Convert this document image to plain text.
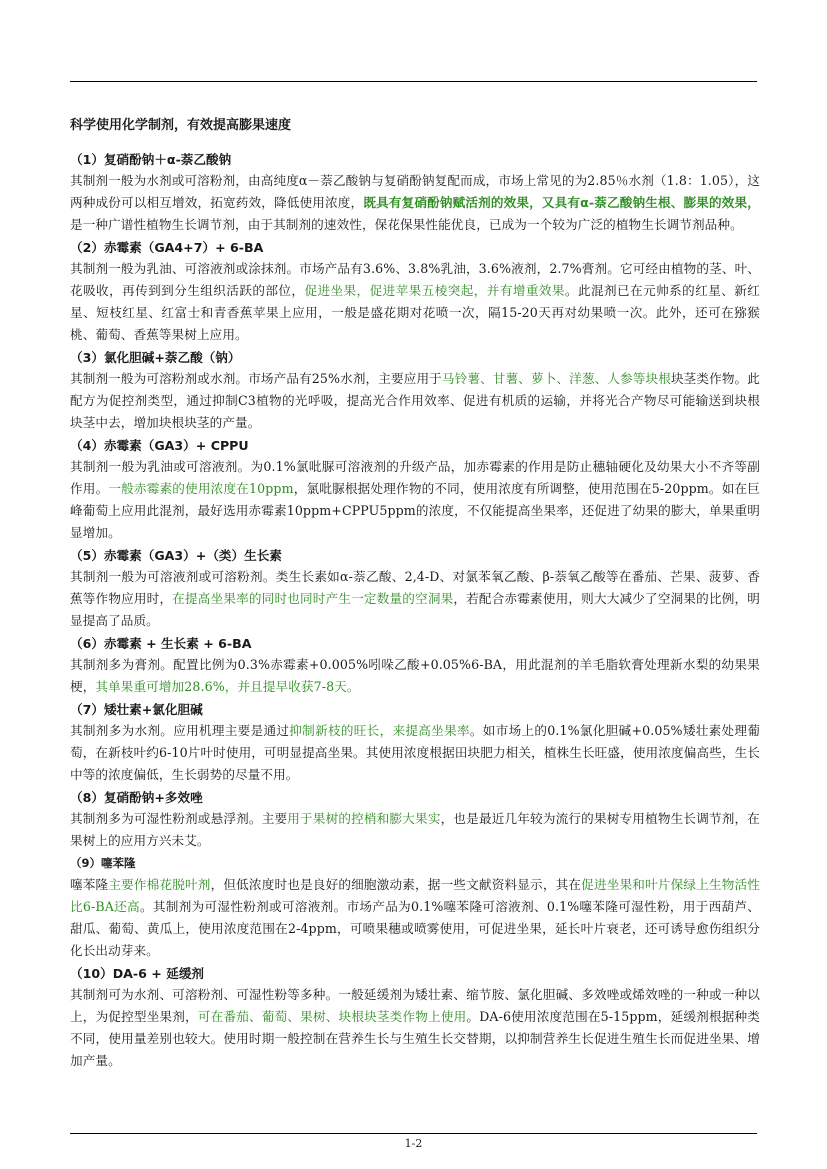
科学使用化学制剂，有效提高膨果速度
（1）复硝酚钠＋α-萘乙酸钠
其制剂一般为水剂或可溶粉剂，由高纯度α－萘乙酸钠与复硝酚钠复配而成，市场上常见的为2.85％水剂（1.8：1.05），这两种成份可以相互增效，拓宽药效，降低使用浓度，既具有复硝酚钠赋活剂的效果，又具有α-萘乙酸钠生根、膨果的效果，是一种广谱性植物生长调节剂，由于其制剂的速效性，保花保果性能优良，已成为一个较为广泛的植物生长调节剂品种。
（2）赤霉素（GA4+7）+ 6-BA
其制剂一般为乳油、可溶液剂或涂抹剂。市场产品有3.6%、3.8%乳油，3.6%液剂，2.7%膏剂。它可经由植物的茎、叶、花吸收，再传到到分生组织活跃的部位，促进坐果，促进苹果五棱突起，并有增重效果。此混剂已在元帅系的红星、新红星、短枝红星、红富士和青香蕉苹果上应用，一般是盛花期对花喷一次，隔15-20天再对幼果喷一次。此外，还可在猕猴桃、葡萄、香蕉等果树上应用。
（3）氯化胆碱+萘乙酸（钠）
其制剂一般为可溶粉剂或水剂。市场产品有25%水剂，主要应用于马铃薯、甘薯、萝卜、洋葱、人参等块根块茎类作物。此配方为促控剂类型，通过抑制C3植物的光呼吸，提高光合作用效率、促进有机质的运输，并将光合产物尽可能输送到块根块茎中去，增加块根块茎的产量。
（4）赤霉素（GA3）+ CPPU
其制剂一般为乳油或可溶液剂。为0.1%氯吡脲可溶液剂的升级产品，加赤霉素的作用是防止穗轴硬化及幼果大小不齐等副作用。一般赤霉素的使用浓度在10ppm，氯吡脲根据处理作物的不同，使用浓度有所调整，使用范围在5-20ppm。如在巨峰葡萄上应用此混剂，最好选用赤霉素10ppm+CPPU5ppm的浓度，不仅能提高坐果率，还促进了幼果的膨大，单果重明显增加。
（5）赤霉素（GA3）+（类）生长素
其制剂一般为可溶液剂或可溶粉剂。类生长素如α-萘乙酸、2,4-D、对氯苯氧乙酸、β-萘氧乙酸等在番茄、芒果、菠萝、香蕉等作物应用时，在提高坐果率的同时也同时产生一定数量的空洞果，若配合赤霉素使用，则大大减少了空洞果的比例，明显提高了品质。
（6）赤霉素 + 生长素 + 6-BA
其制剂多为膏剂。配置比例为0.3%赤霉素+0.005%吲哚乙酸+0.05%6-BA，用此混剂的羊毛脂软膏处理新水梨的幼果果梗，其单果重可增加28.6%，并且提早收获7-8天。
（7）矮壮素+氯化胆碱
其制剂多为水剂。应用机理主要是通过抑制新枝的旺长，来提高坐果率。如市场上的0.1%氯化胆碱+0.05%矮壮素处理葡萄，在新枝叶约6-10片叶时使用，可明显提高坐果。其使用浓度根据田块肥力相关，植株生长旺盛，使用浓度偏高些，生长中等的浓度偏低，生长弱势的尽量不用。
（8）复硝酚钠+多效唑
其制剂多为可湿性粉剂或悬浮剂。主要用于果树的控梢和膨大果实，也是最近几年较为流行的果树专用植物生长调节剂，在果树上的应用方兴未艾。
（9）噻苯隆
噻苯隆主要作棉花脱叶剂，但低浓度时也是良好的细胞激动素，据一些文献资料显示，其在促进坐果和叶片保绿上生物活性比6-BA还高。其制剂为可湿性粉剂或可溶液剂。市场产品为0.1%噻苯隆可溶液剂、0.1%噻苯隆可湿性粉，用于西葫芦、甜瓜、葡萄、黄瓜上，使用浓度范围在2-4ppm，可喷果穗或喷雾使用，可促进坐果，延长叶片衰老，还可诱导愈伤组织分化长出动芽来。
（10）DA-6 + 延缓剂
其制剂可为水剂、可溶粉剂、可湿性粉等多种。一般延缓剂为矮壮素、缩节胺、氯化胆碱、多效唑或烯效唑的一种或一种以上，为促控型坐果剂，可在番茄、葡萄、果树、块根块茎类作物上使用。DA-6使用浓度范围在5-15ppm，延缓剂根据种类不同，使用量差别也较大。使用时期一般控制在营养生长与生殖生长交替期，以抑制营养生长促进生殖生长而促进坐果、增加产量。
1-2
